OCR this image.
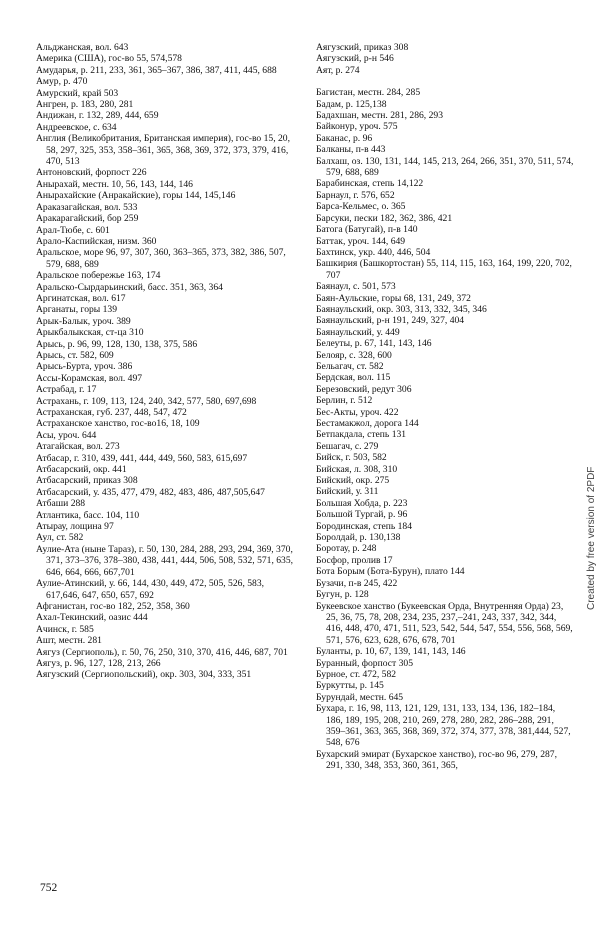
Альджанская, вол. 643

Америка (США), гос-во 55, 574,578

Амударья, р. 211, 233, 361, 365–367, 386, 387, 411, 445, 688

Амур, р. 470

Амурский, край 503

Ангрен, р. 183, 280, 281

Андижан, г. 132, 289, 444, 659

Андреевское, с. 634

Англия (Великобритания, Британская империя), гос-во 15, 20, 58, 297, 325, 353, 358–361, 365, 368, 369, 372, 373, 379, 416, 470, 513

Антоновский, форпост 226

Анырахай, местн. 10, 56, 143, 144, 146

Анырахайские (Анракайские), горы 144, 145,146

Араказагайская, вол. 533

Аракарагайский, бор 259

Арал-Тюбе, с. 601

Арало-Каспийская, низм. 360

Аральское, море 96, 97, 307, 360, 363–365, 373, 382, 386, 507, 579, 688, 689

Аральское побережье 163, 174

Аральско-Сырдарьинский, басс. 351, 363, 364

Аргинатская, вол. 617

Арганаты, горы 139

Арык-Балык, уроч. 389

Арыкбалыкская, ст-ца 310

Арысь, р. 96, 99, 128, 130, 138, 375, 586

Арысь, ст. 582, 609

Арысь-Бурта, уроч. 386

Ассы-Корамская, вол. 497

Астрабад, г. 17

Астрахань, г. 109, 113, 124, 240, 342, 577, 580, 697,698

Астраханская, губ. 237, 448, 547, 472

Астраханское ханство, гос-во16, 18, 109

Асы, уроч. 644

Атагайская, вол. 273

Атбасар, г. 310, 439, 441, 444, 449, 560, 583, 615,697

Атбасарский, окр. 441

Атбасарский, приказ 308

Атбасарский, у. 435, 477, 479, 482, 483, 486, 487,505,647

Атбаши 288

Атлантика, басс. 104, 110

Атырау, лощина 97

Аул, ст. 582

Аулие-Ата (ныне Тараз), г. 50, 130, 284, 288, 293, 294, 369, 370, 371, 373–376, 378–380, 438, 441, 444, 506, 508, 532, 571, 635, 646, 664, 666, 667,701

Аулие-Атинский, у. 66, 144, 430, 449, 472, 505, 526, 583, 617,646, 647, 650, 657, 692

Афганистан, гос-во 182, 252, 358, 360

Ахал-Текинский, оазис 444

Ачинск, г. 585

Ашт, местн. 281

Аягуз (Сергиополь), г. 50, 76, 250, 310, 370, 416, 446, 687, 701

Аягуз, р. 96, 127, 128, 213, 266

Аягузский (Сергиопольский), окр. 303, 304, 333, 351

Аягузский, приказ 308

Аягузский, р-н 546

Аят, р. 274

Багистан, местн. 284, 285

Бадам, р. 125,138

Бадахшан, местн. 281, 286, 293

Байконур, уроч. 575

Баканас, р. 96

Балканы, п-в 443

Балхаш, оз. 130, 131, 144, 145, 213, 264, 266, 351, 370, 511, 574, 579, 688, 689

Барабинская, степь 14,122

Барнаул, г. 576, 652

Барса-Кельмес, о. 365

Барсуки, пески 182, 362, 386, 421

Батога (Батугай), п-в 140

Баттак, уроч. 144, 649

Бахтинск, укр. 440, 446, 504

Башкирия (Башкортостан) 55, 114, 115, 163, 164, 199, 220, 702, 707

Баянаул, с. 501, 573

Баян-Аульские, горы 68, 131, 249, 372

Баянаульский, окр. 303, 313, 332, 345, 346

Баянаульский, р-н 191, 249, 327, 404

Баянаульский, у. 449

Белеуты, р. 67, 141, 143, 146

Белояр, с. 328, 600

Бельагач, ст. 582

Бердская, вол. 115

Березовский, редут 306

Берлин, г. 512

Бес-Акты, уроч. 422

Бестамакжол, дорога 144

Бетпакдала, степь 131

Бешагач, с. 279

Бийск, г. 503, 582

Бийская, л. 308, 310

Бийский, окр. 275

Бийский, у. 311

Большая Хобда, р. 223

Большой Тургай, р. 96

Бородинская, степь 184

Боролдай, р. 130,138

Боротау, р. 248

Босфор, пролив 17

Бота Борым (Бота-Бурун), плато 144

Бузачи, п-в 245, 422

Бугун, р. 128

Букеевское ханство (Букеевская Орда, Внутренняя Орда) 23, 25, 36, 75, 78, 208, 234, 235, 237,–241, 243, 337, 342, 344, 416, 448, 470, 471, 511, 523, 542, 544, 547, 554, 556, 568, 569, 571, 576, 623, 628, 676, 678, 701

Буланты, р. 10, 67, 139, 141, 143, 146

Буранный, форпост 305

Бурное, ст. 472, 582

Буркутты, р. 145

Бурундай, местн. 645

Бухара, г. 16, 98, 113, 121, 129, 131, 133, 134, 136, 182–184, 186, 189, 195, 208, 210, 269, 278, 280, 282, 286–288, 291, 359–361, 363, 365, 368, 369, 372, 374, 377, 378, 381,444, 527, 548, 676

Бухарский эмират (Бухарское ханство), гос-во 96, 279, 287, 291, 330, 348, 353, 360, 361, 365,

752
Created by free version of 2PDF
